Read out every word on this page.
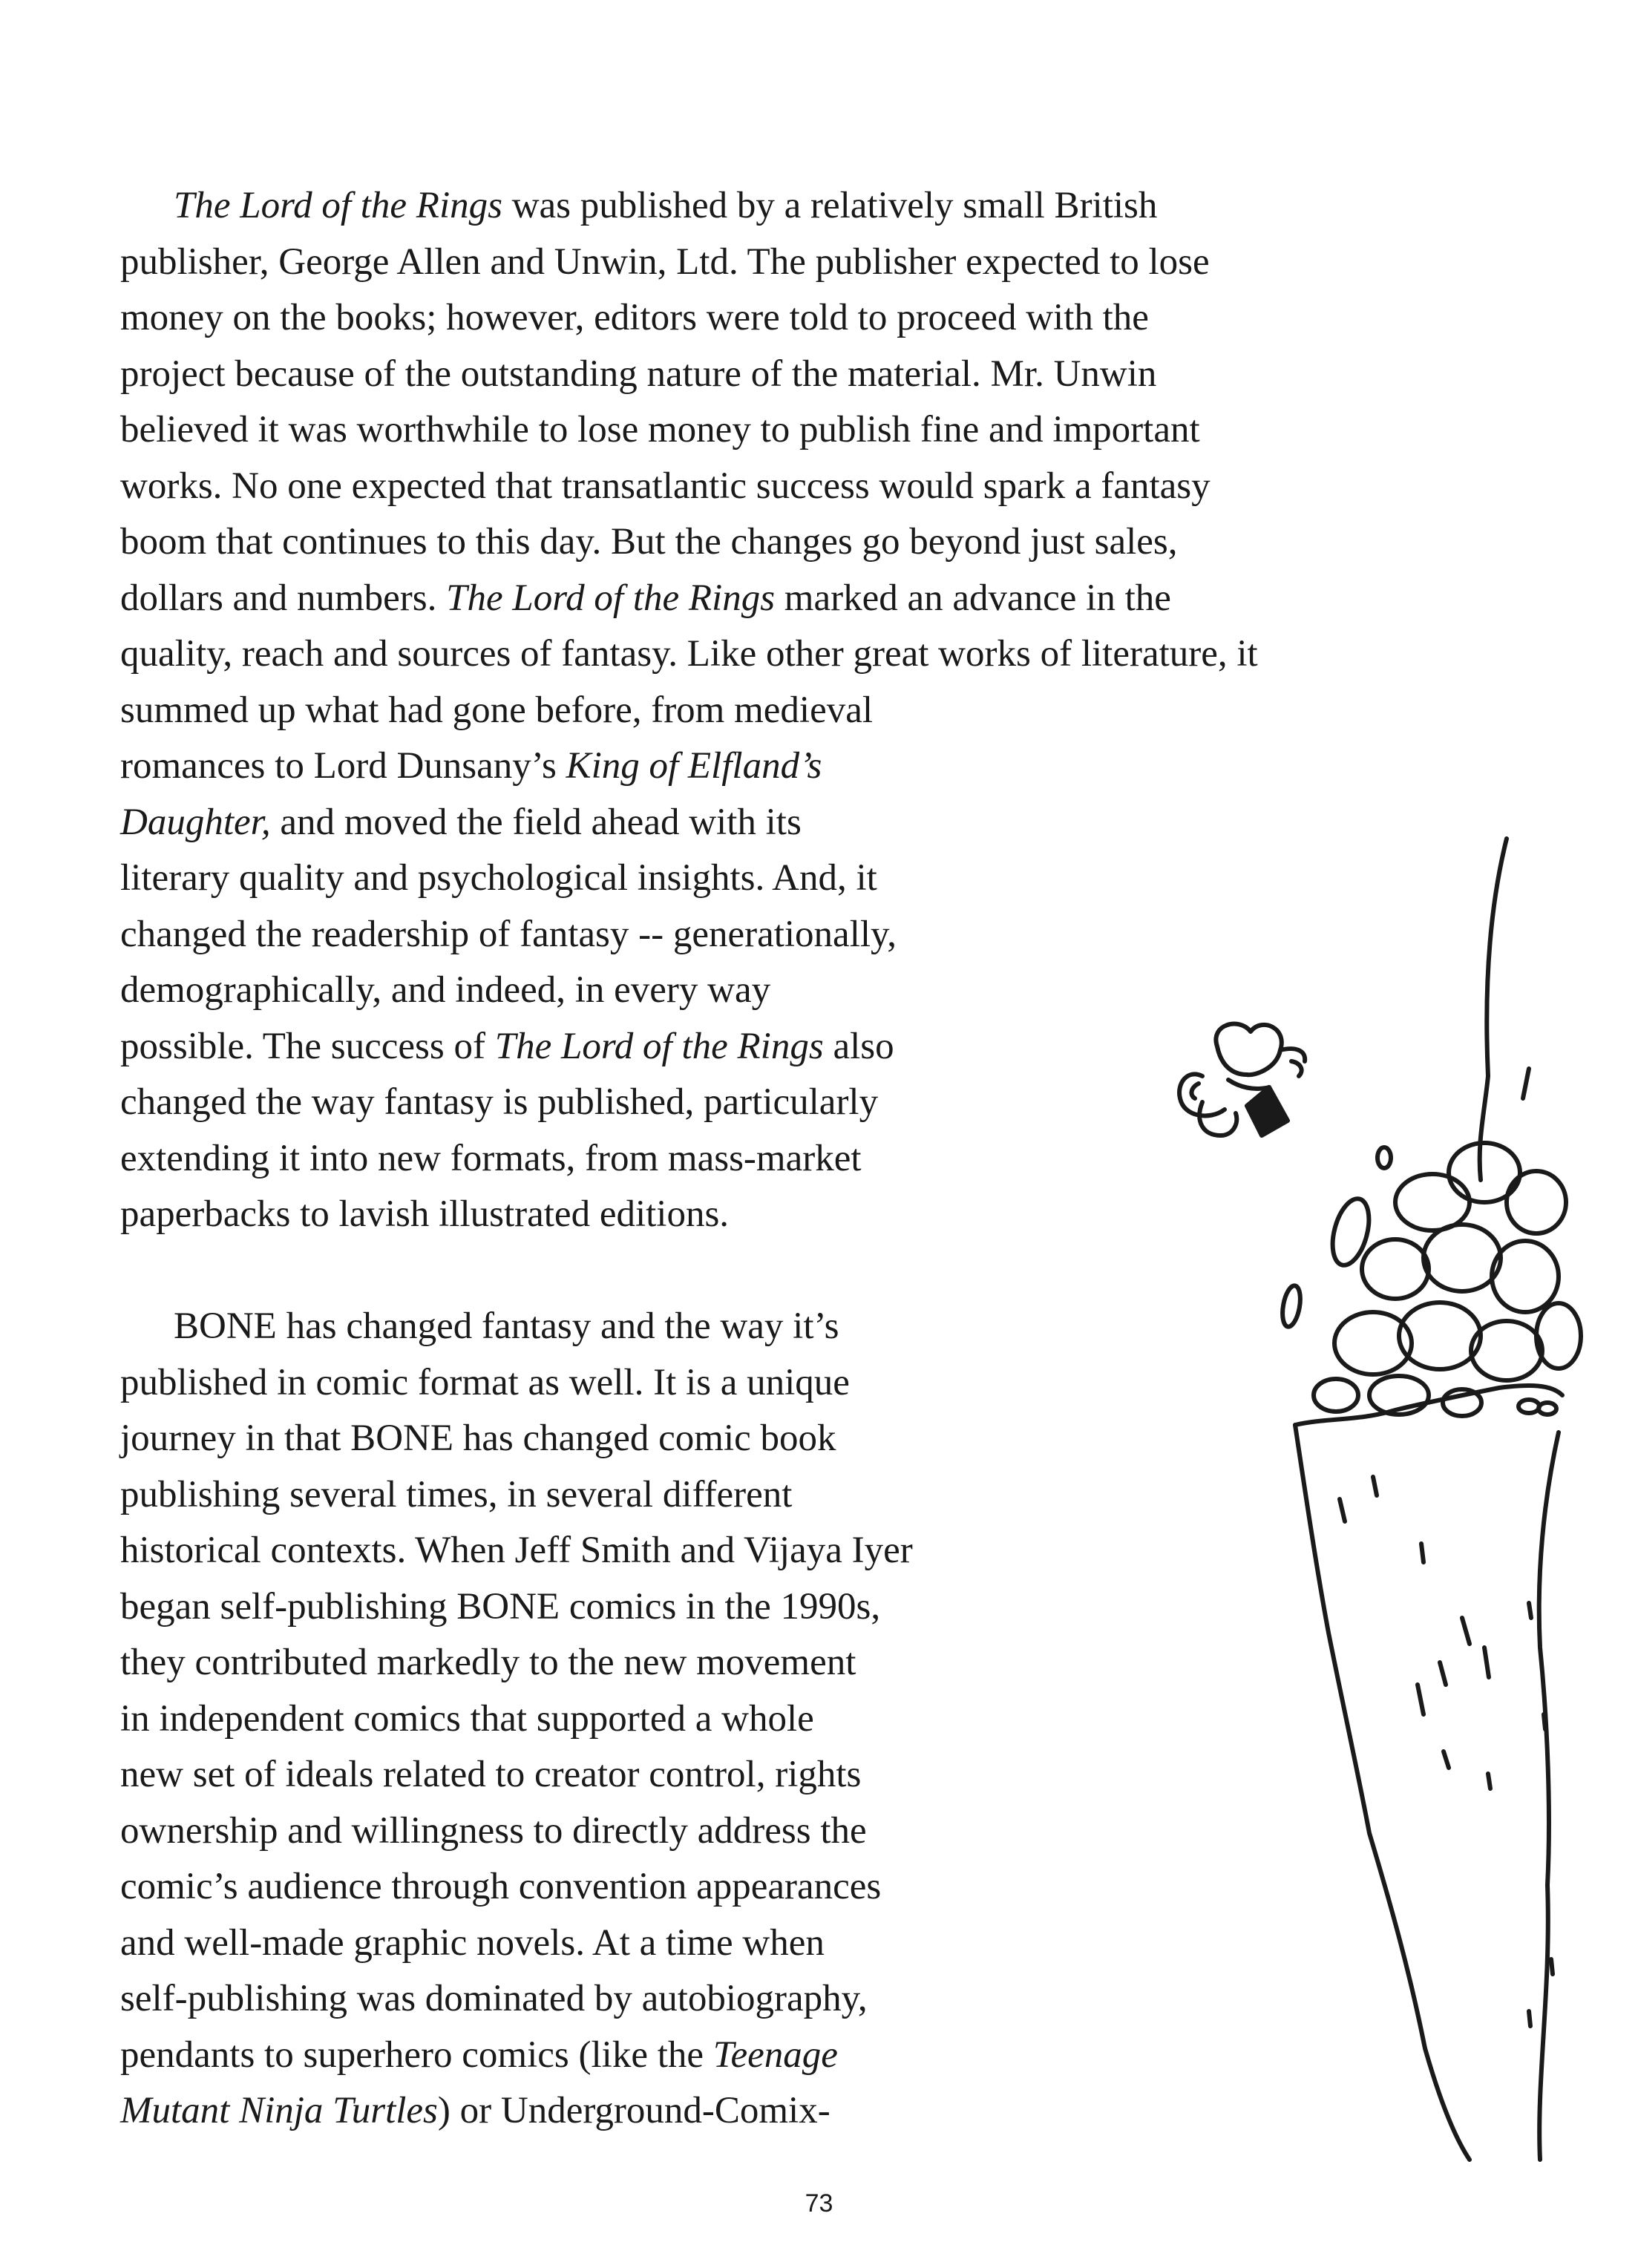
The Lord of the Rings was published by a relatively small British
publisher, George Allen and Unwin, Ltd. The publisher expected to lose
money on the books; however, editors were told to proceed with the
project because of the outstanding nature of the material. Mr. Unwin
believed it was worthwhile to lose money to publish fine and important
works. No one expected that transatlantic success would spark a fantasy
boom that continues to this day. But the changes go beyond just sales,
dollars and numbers. The Lord of the Rings marked an advance in the
quality, reach and sources of fantasy. Like other great works of literature, it
summed up what had gone before, from medieval
romances to Lord Dunsany’s King of Elfland’s
Daughter, and moved the field ahead with its
literary quality and psychological insights. And, it
changed the readership of fantasy -- generationally,
demographically, and indeed, in every way
possible. The success of The Lord of the Rings also
changed the way fantasy is published, particularly
extending it into new formats, from mass-market
paperbacks to lavish illustrated editions.
BONE has changed fantasy and the way it’s
published in comic format as well. It is a unique
journey in that BONE has changed comic book
publishing several times, in several different
historical contexts. When Jeff Smith and Vijaya Iyer
began self-publishing BONE comics in the 1990s,
they contributed markedly to the new movement
in independent comics that supported a whole
new set of ideals related to creator control, rights
ownership and willingness to directly address the
comic’s audience through convention appearances
and well-made graphic novels. At a time when
self-publishing was dominated by autobiography,
pendants to superhero comics (like the Teenage
Mutant Ninja Turtles) or Underground-Comix-
73
